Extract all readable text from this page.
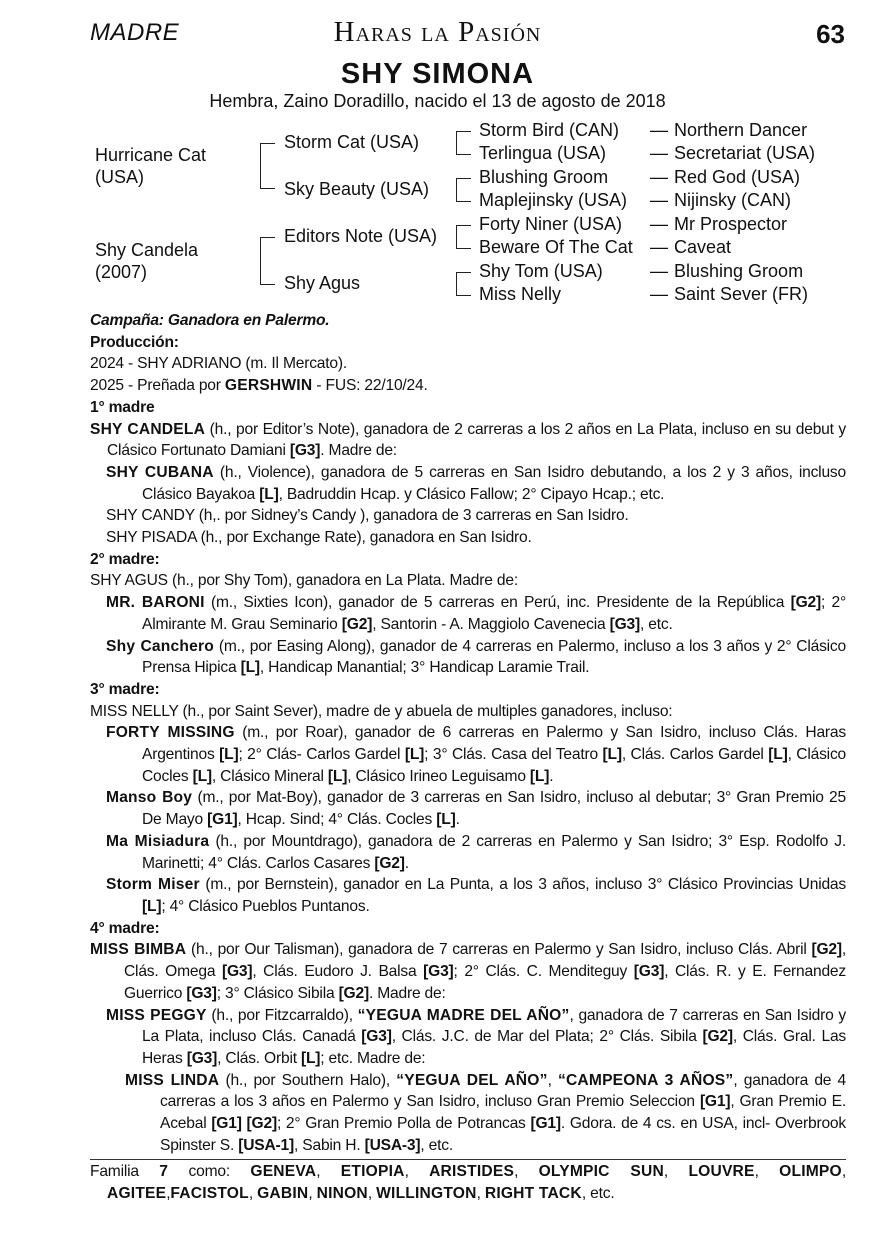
MADRE	Haras la Pasión	63
SHY SIMONA
Hembra, Zaino Doradillo, nacido el 13 de agosto de 2018
Hurricane Cat
(USA)
Shy Candela
(2007)
Storm Cat (USA)
Sky Beauty (USA)
Editors Note (USA)
Shy Agus
Storm Bird (CAN)
Terlingua (USA)
Blushing Groom
Maplejinsky (USA)
Forty Niner (USA)
Beware Of The Cat
Shy Tom (USA)
Miss Nelly
—
—
—
—
—
—
—
—
Northern Dancer
Secretariat (USA)
Red God (USA)
Nijinsky (CAN)
Mr Prospector
Caveat
Blushing Groom
Saint Sever (FR)

Campaña: Ganadora en Palermo.

Producción:

2024 - SHY ADRIANO (m. Il Mercato).

2025 - Preñada por GERSHWIN - FUS: 22/10/24.

1° madre

SHY CANDELA (h., por Editor’s Note), ganadora de 2 carreras a los 2 años en La Plata, incluso en su debut y Clásico Fortunato Damiani [G3]. Madre de:

SHY CUBANA (h., Violence), ganadora de 5 carreras en San Isidro debutando, a los 2 y 3 años, incluso Clásico Bayakoa [L], Badruddin Hcap. y Clásico Fallow; 2° Cipayo Hcap.; etc.

SHY CANDY (h,. por Sidney’s Candy ), ganadora de 3 carreras en San Isidro.

SHY PISADA (h., por Exchange Rate), ganadora en San Isidro.

2° madre:

SHY AGUS (h., por Shy Tom), ganadora en La Plata. Madre de:

MR. BARONI (m., Sixties Icon), ganador de 5 carreras en Perú, inc. Presidente de la República [G2]; 2° Almirante M. Grau Seminario [G2], Santorin - A. Maggiolo Cavenecia [G3], etc.

Shy Canchero (m., por Easing Along), ganador de 4 carreras en Palermo, incluso a los 3 años y 2° Clásico Prensa Hipica [L], Handicap Manantial; 3° Handicap Laramie Trail.

3° madre:

MISS NELLY (h., por Saint Sever), madre de y abuela de multiples ganadores, incluso:

FORTY MISSING (m., por Roar), ganador de 6 carreras en Palermo y San Isidro, incluso Clás. Haras Argentinos [L]; 2° Clás- Carlos Gardel [L]; 3° Clás. Casa del Teatro [L], Clás. Carlos Gardel [L], Clásico Cocles [L], Clásico Mineral [L], Clásico Irineo Leguisamo [L].

Manso Boy (m., por Mat-Boy), ganador de 3 carreras en San Isidro, incluso al debutar; 3° Gran Premio 25 De Mayo [G1], Hcap. Sind; 4° Clás. Cocles [L].

Ma Misiadura (h., por Mountdrago), ganadora de 2 carreras en Palermo y San Isidro; 3° Esp. Rodolfo J. Marinetti; 4° Clás. Carlos Casares [G2].

Storm Miser (m., por Bernstein), ganador en La Punta, a los 3 años, incluso 3° Clásico Provincias Unidas [L]; 4° Clásico Pueblos Puntanos.

4° madre:

MISS BIMBA (h., por Our Talisman), ganadora de 7 carreras en Palermo y San Isidro, incluso Clás. Abril [G2], Clás. Omega [G3], Clás. Eudoro J. Balsa [G3]; 2° Clás. C. Menditeguy [G3], Clás. R. y E. Fernandez Guerrico [G3]; 3° Clásico Sibila [G2]. Madre de:

MISS PEGGY (h., por Fitzcarraldo), “YEGUA MADRE DEL AÑO”, ganadora de 7 carreras en San Isidro y La Plata, incluso Clás. Canadá [G3], Clás. J.C. de Mar del Plata; 2° Clás. Sibila [G2], Clás. Gral. Las Heras [G3], Clás. Orbit [L]; etc. Madre de:

MISS LINDA (h., por Southern Halo), “YEGUA DEL AÑO”, “CAMPEONA 3 AÑOS”, ganadora de 4 carreras a los 3 años en Palermo y San Isidro, incluso Gran Premio Seleccion [G1], Gran Premio E. Acebal [G1] [G2]; 2° Gran Premio Polla de Potrancas [G1]. Gdora. de 4 cs. en USA, incl- Overbrook Spinster S. [USA-1], Sabin H. [USA-3], etc.

Familia 7 como: GENEVA, ETIOPIA, ARISTIDES, OLYMPIC SUN, LOUVRE, OLIMPO, AGITEE,FACISTOL, GABIN, NINON, WILLINGTON, RIGHT TACK, etc.
